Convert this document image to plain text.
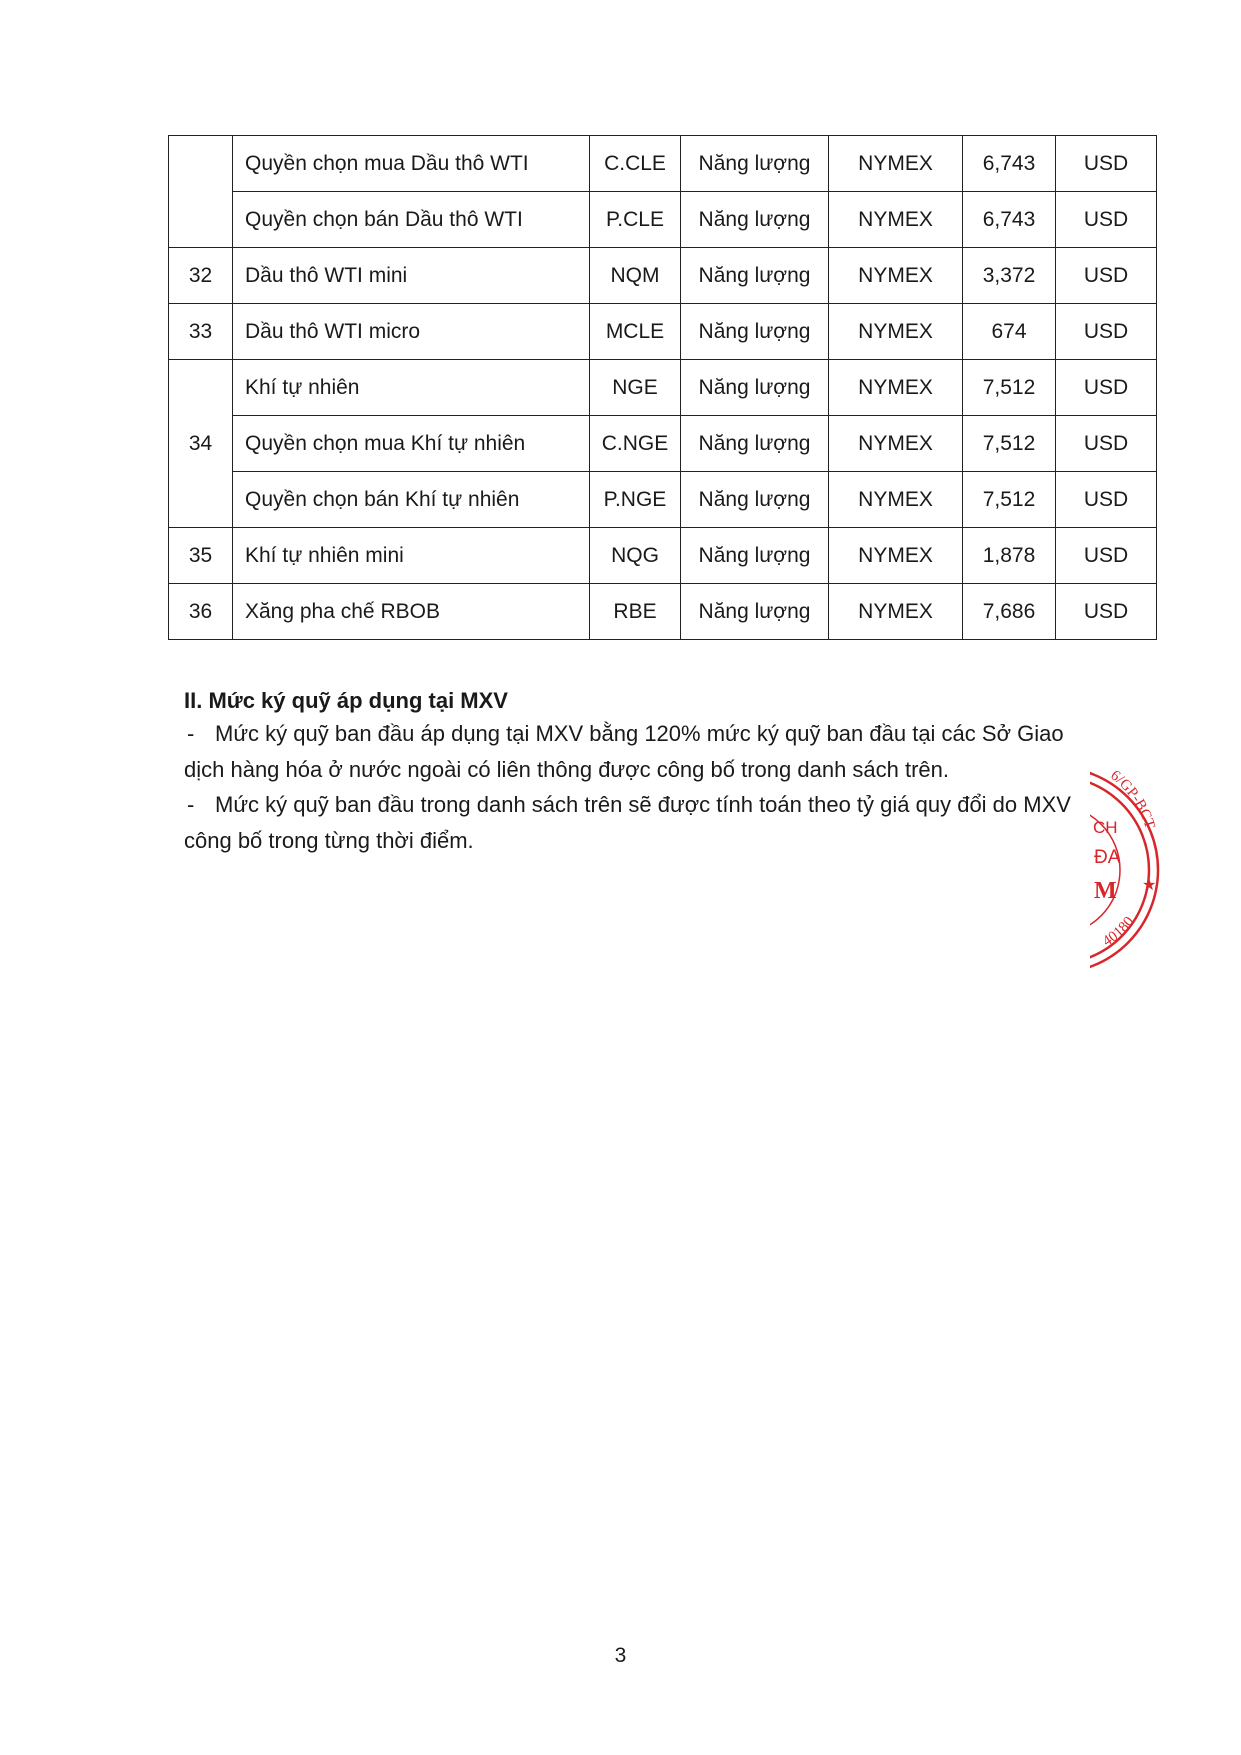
	Quyền chọn mua Dầu thô WTI	C.CLE	Năng lượng	NYMEX	6,743	USD
	Quyền chọn bán Dầu thô WTI	P.CLE	Năng lượng	NYMEX	6,743	USD
32	Dầu thô WTI mini	NQM	Năng lượng	NYMEX	3,372	USD
33	Dầu thô WTI micro	MCLE	Năng lượng	NYMEX	674	USD
34	Khí tự nhiên	NGE	Năng lượng	NYMEX	7,512	USD
	Quyền chọn mua Khí tự nhiên	C.NGE	Năng lượng	NYMEX	7,512	USD
	Quyền chọn bán Khí tự nhiên	P.NGE	Năng lượng	NYMEX	7,512	USD
35	Khí tự nhiên mini	NQG	Năng lượng	NYMEX	1,878	USD
36	Xăng pha chế RBOB	RBE	Năng lượng	NYMEX	7,686	USD
II. Mức ký quỹ áp dụng tại MXV

- Mức ký quỹ ban đầu áp dụng tại MXV bằng 120% mức ký quỹ ban đầu tại các Sở Giao

dịch hàng hóa ở nước ngoài có liên thông được công bố trong danh sách trên.

- Mức ký quỹ ban đầu trong danh sách trên sẽ được tính toán theo tỷ giá quy đổi do MXV

công bố trong từng thời điểm.

6/GP-BCT
40180
CH
ĐA
M ★
3
